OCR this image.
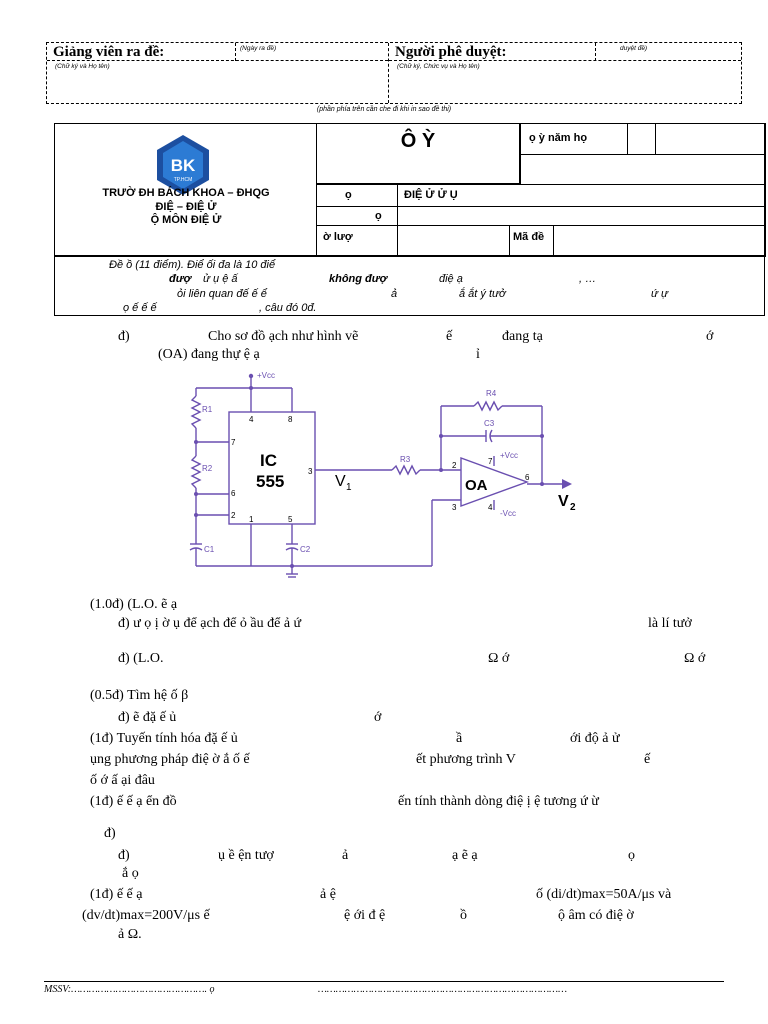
Giảng viên ra đề:	(Ngày ra đề)
(Chữ ký và Họ tên)
Người phê duyệt:	duyệt đề)
(Chữ ký, Chức vụ và Họ tên)
(phần phía trên cần che đi khi in sao đề thi)
BK
TP.HCM
TRƯỜ ĐH BÁCH KHOA – ĐHQG
ĐIỆ – ĐIỆ Ử
Ộ MÔN ĐIỆ Ử
Ô Ỳ	ọ ỳ năm họ
ọ	ĐIỆ Ử Ử Ụ
ọ
ờ lượ	Mã đề
Đề ồ (11 điểm). Điể ối đa là 10 điể
đượ ử ụ ệ ấ	không đượ	điệ ạ	, …
ỏi liên quan đế ế ể	ả	ắ ắt ý tưở	ứ ự
ọ ế ế ế	, câu đó 0đ.
đ)	Cho sơ đồ ạch như hình vẽ	ế	đang tạ	ớ
(OA) đang thự ệ ạ	ỉ
+Vcc
R1
R2
C1	C2
R3
R4
C3
+Vcc
-Vcc
4	8
7
3
6
2 1	5
2
3
7
4
6
IC
555	V 1	OA
V 2
(1.0đ) (L.O. ẽ ạ
đ) ư ọ ị ờ ụ để ạch để ỏ ầu để ả ứ	là lí tưở
đ) (L.O.	Ω ớ	Ω ớ
(0.5đ) Tìm hệ ố β
đ) ẽ đặ ế ủ	ớ
(1đ) Tuyến tính hóa đặ ế ủ	ầ	ới độ ả ử
ụng phương pháp điệ ờ ắ ố ế	ết phương trình V	ế
ố ớ ấ ại đâu
(1đ) ế ế ạ ển đồ	ến tính thành dòng điệ ị ệ tương ứ ừ
đ)
đ)	ụ ề ện tượ	ả	ạ ẽ ạ	ọ
ắ ọ
(1đ) ế ế ạ	ả ệ	ố (di/dt)max=50A/μs và
(dv/dt)max=200V/μs ế	ệ ới đ ệ	ồ	ộ âm có điệ ờ
ả Ω.
MSSV:………………………………………. ọ	…………………………………………………………………………
